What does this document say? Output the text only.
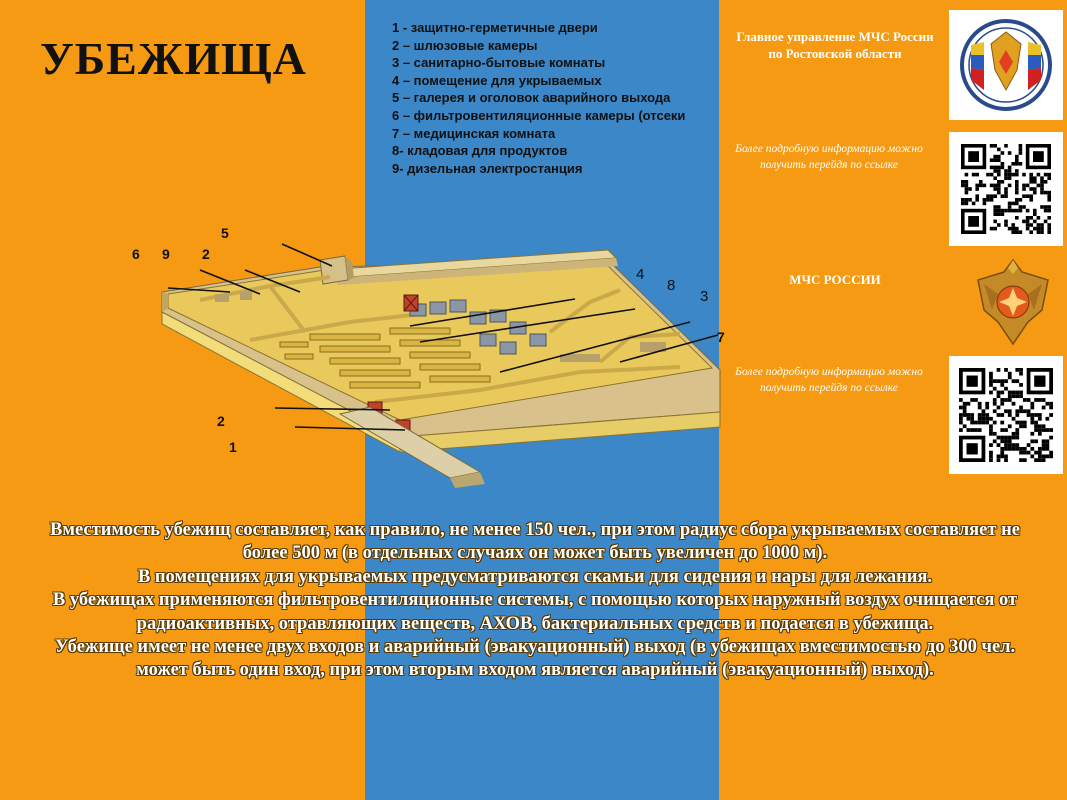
УБЕЖИЩА
1 - защитно-герметичные двери
2 – шлюзовые камеры
3 – санитарно-бытовые комнаты
4 – помещение для укрываемых
5 – галерея и оголовок аварийного выхода
6 – фильтровентиляционные камеры (отсеки
7 – медицинская комната
8- кладовая для продуктов
9- дизельная электростанция
5
6 9 2
4
8
3
7
2
1
Главное управление МЧС России по Ростовской области
Более подробную информацию можно получить перейдя по ссылке
МЧС РОССИИ
Более подробную информацию можно получить перейдя по ссылке

Вместимость убежищ составляет, как правило, не менее 150 чел., при этом радиус сбора укрываемых составляет не более 500 м (в отдельных случаях он может быть увеличен до 1000 м).

В помещениях для укрываемых предусматриваются скамьи для сидения и нары для лежания.

В убежищах применяются фильтровентиляционные системы, с помощью которых наружный воздух очищается от радиоактивных, отравляющих веществ, АХОВ, бактериальных средств и подается в убежища.

Убежище имеет не менее двух входов и аварийный (эвакуационный) выход (в убежищах вместимостью до 300 чел. может быть один вход, при этом вторым входом является аварийный (эвакуационный) выход).
